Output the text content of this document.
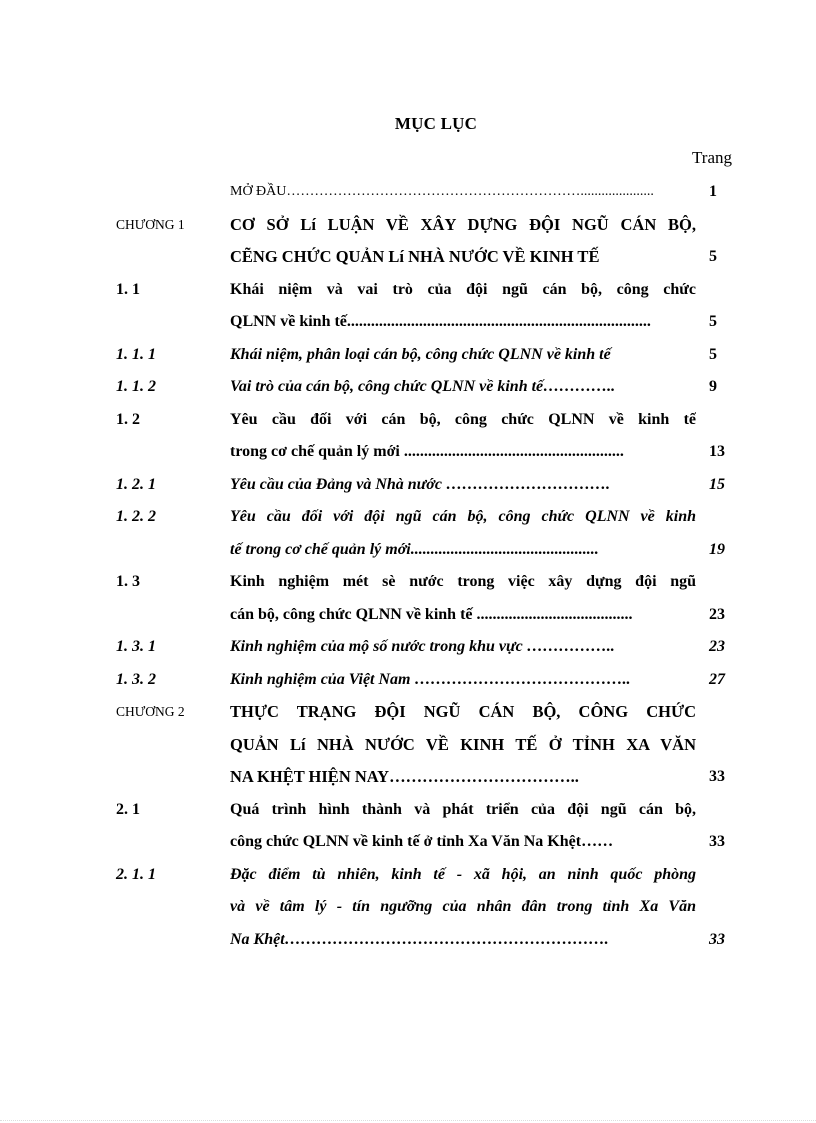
MỤC LỤC
Trang
MỞ ĐẦU……………………………………………………….....................	1
CHƯƠNG 1	CƠ SỞ Lí LUẬN VỀ XÂY DỰNG ĐỘI NGŨ CÁN BỘ,
CẼNG CHỨC QUẢN Lí NHÀ NƯỚC VỀ KINH TẾ	5
1. 1	Khái niệm và vai trò của đội ngũ cán bộ, công chức
QLNN về kinh tế............................................................................	5
1. 1. 1	Khái niệm, phân loại cán bộ, công chức QLNN về kinh tế	5
1. 1. 2	Vai trò của cán bộ, công chức QLNN về kinh tế…………..	9
1. 2	Yêu cầu đối với cán bộ, công chức QLNN về kinh tế
trong cơ chế quản lý mới .......................................................	13
1. 2. 1	Yêu cầu của Đảng và Nhà nước ………………………….	15
1. 2. 2	Yêu cầu đối với đội ngũ cán bộ, công chức QLNN về kinh
tế trong cơ chế quản lý mới...............................................	19
1. 3	Kinh nghiệm mét sè nước trong việc xây dựng đội ngũ
cán bộ, công chức QLNN về kinh tế .......................................	23
1. 3. 1	Kinh nghiệm của mộ số nước trong khu vực ……………..	23
1. 3. 2	Kinh nghiệm của Việt Nam …………………………………..	27
CHƯƠNG 2	THỰC TRẠNG ĐỘI NGŨ CÁN BỘ, CÔNG CHỨC
QUẢN Lí NHÀ NƯỚC VỀ KINH TẾ Ở TỈNH XA VĂN
NA KHỆT HIỆN NAY……………………………..	33
2. 1	Quá trình hình thành và phát triển của đội ngũ cán bộ,
công chức QLNN về kinh tế ở tỉnh Xa Văn Na Khệt……	33
2. 1. 1	Đặc điểm tù nhiên, kinh tế - xã hội, an ninh quốc phòng
và về tâm lý - tín ngưỡng của nhân đân trong tỉnh Xa Văn
Na Khệt…………………………………………………….	33
